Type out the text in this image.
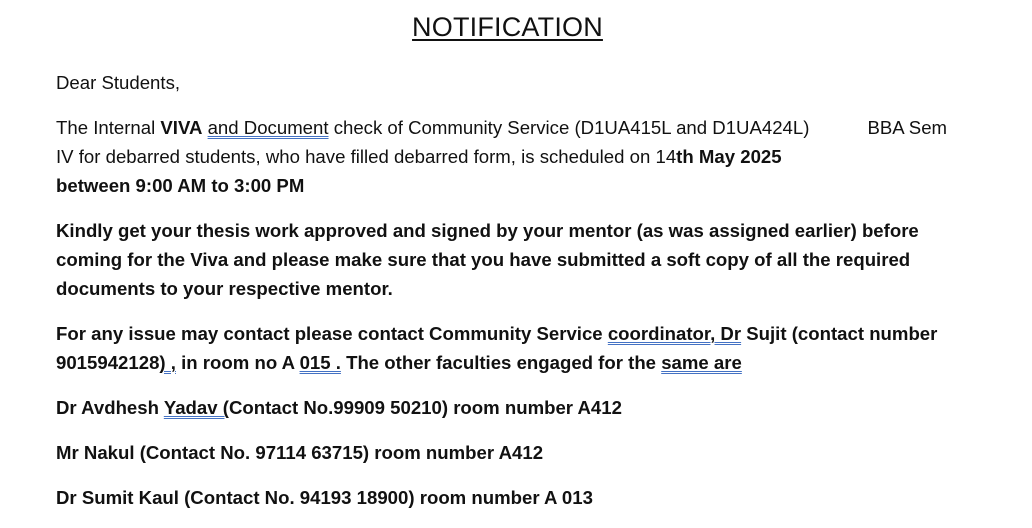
NOTIFICATION

Dear Students,

The Internal VIVA and Document check of Community Service (D1UA415L and D1UA424L)	BBA Sem IV for debarred students, who have filled debarred form, is scheduled on 14th May 2025
between 9:00 AM to 3:00 PM

Kindly get your thesis work approved and signed by your mentor (as was assigned earlier) before coming for the Viva and please make sure that you have submitted a soft copy of all the required documents to your respective mentor.

For any issue may contact please contact Community Service coordinator, Dr Sujit (contact number 9015942128) , in room no A 015 . The other faculties engaged for the same are

Dr Avdhesh Yadav (Contact No.99909 50210) room number A412

Mr Nakul (Contact No. 97114 63715) room number A412

Dr Sumit Kaul (Contact No. 94193 18900) room number A 013
